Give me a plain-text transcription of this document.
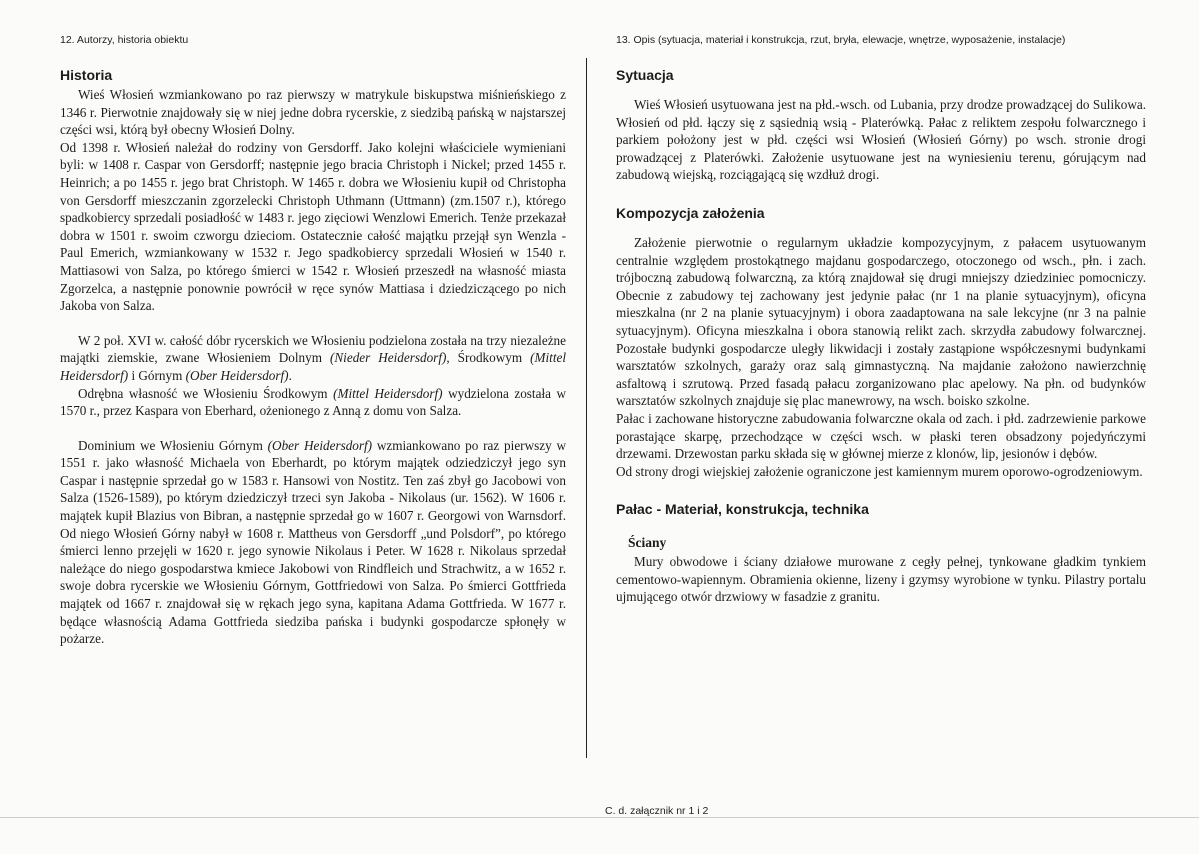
12. Autorzy, historia obiektu	13. Opis (sytuacja, materiał i konstrukcja, rzut, bryła, elewacje, wnętrze, wyposażenie, instalacje)
Historia

Wieś Włosień wzmiankowano po raz pierwszy w matrykule biskupstwa miśnieńskiego z 1346 r. Pierwotnie znajdowały się w niej jedne dobra rycerskie, z siedzibą pańską w najstarszej części wsi, którą był obecny Włosień Dolny.

Od 1398 r. Włosień należał do rodziny von Gersdorff. Jako kolejni właściciele wymieniani byli: w 1408 r. Caspar von Gersdorff; następnie jego bracia Christoph i Nickel; przed 1455 r. Heinrich; a po 1455 r. jego brat Christoph. W 1465 r. dobra we Włosieniu kupił od Christopha von Gersdorff mieszczanin zgorzelecki Christoph Uthmann (Uttmann) (zm.1507 r.), którego spadkobiercy sprzedali posiadłość w 1483 r. jego zięciowi Wenzlowi Emerich. Tenże przekazał dobra w 1501 r. swoim czworgu dzieciom. Ostatecznie całość majątku przejął syn Wenzla - Paul Emerich, wzmiankowany w 1532 r. Jego spadkobiercy sprzedali Włosień w 1540 r. Mattiasowi von Salza, po którego śmierci w 1542 r. Włosień przeszedł na własność miasta Zgorzelca, a następnie ponownie powrócił w ręce synów Mattiasa i dziedziczącego po nich Jakoba von Salza.

W 2 poł. XVI w. całość dóbr rycerskich we Włosieniu podzielona została na trzy niezależne majątki ziemskie, zwane Włosieniem Dolnym (Nieder Heidersdorf), Środkowym (Mittel Heidersdorf) i Górnym (Ober Heidersdorf).

Odrębna własność we Włosieniu Środkowym (Mittel Heidersdorf) wydzielona została w 1570 r., przez Kaspara von Eberhard, ożenionego z Anną z domu von Salza.

Dominium we Włosieniu Górnym (Ober Heidersdorf) wzmiankowano po raz pierwszy w 1551 r. jako własność Michaela von Eberhardt, po którym majątek odziedziczył jego syn Caspar i następnie sprzedał go w 1583 r. Hansowi von Nostitz. Ten zaś zbył go Jacobowi von Salza (1526-1589), po którym dziedziczył trzeci syn Jakoba - Nikolaus (ur. 1562). W 1606 r. majątek kupił Blazius von Bibran, a następnie sprzedał go w 1607 r. Georgowi von Warnsdorf. Od niego Włosień Górny nabył w 1608 r. Mattheus von Gersdorff „und Polsdorf”, po którego śmierci lenno przejęli w 1620 r. jego synowie Nikolaus i Peter. W 1628 r. Nikolaus sprzedał należące do niego gospodarstwa kmiece Jakobowi von Rindfleich und Strachwitz, a w 1652 r. swoje dobra rycerskie we Włosieniu Górnym, Gottfriedowi von Salza. Po śmierci Gottfrieda majątek od 1667 r. znajdował się w rękach jego syna, kapitana Adama Gottfrieda. W 1677 r. będące własnością Adama Gottfrieda siedziba pańska i budynki gospodarcze spłonęły w pożarze.

Sytuacja

Wieś Włosień usytuowana jest na płd.-wsch. od Lubania, przy drodze prowadzącej do Sulikowa. Włosień od płd. łączy się z sąsiednią wsią - Platerówką. Pałac z reliktem zespołu folwarcznego i parkiem położony jest w płd. części wsi Włosień (Włosień Górny) po wsch. stronie drogi prowadzącej z Platerówki. Założenie usytuowane jest na wyniesieniu terenu, górującym nad zabudową wiejską, rozciągającą się wzdłuż drogi.

Kompozycja założenia

Założenie pierwotnie o regularnym układzie kompozycyjnym, z pałacem usytuowanym centralnie względem prostokątnego majdanu gospodarczego, otoczonego od wsch., płn. i zach. trójboczną zabudową folwarczną, za którą znajdował się drugi mniejszy dziedziniec pomocniczy. Obecnie z zabudowy tej zachowany jest jedynie pałac (nr 1 na planie sytuacyjnym), oficyna mieszkalna (nr 2 na planie sytuacyjnym) i obora zaadaptowana na sale lekcyjne (nr 3 na palnie sytuacyjnym). Oficyna mieszkalna i obora stanowią relikt zach. skrzydła zabudowy folwarcznej. Pozostałe budynki gospodarcze uległy likwidacji i zostały zastąpione współczesnymi budynkami warsztatów szkolnych, garaży oraz salą gimnastyczną. Na majdanie założono nawierzchnię asfaltową i szrutową. Przed fasadą pałacu zorganizowano plac apelowy. Na płn. od budynków warsztatów szkolnych znajduje się plac manewrowy, na wsch. boisko szkolne.

Pałac i zachowane historyczne zabudowania folwarczne okala od zach. i płd. zadrzewienie parkowe porastające skarpę, przechodzące w części wsch. w płaski teren obsadzony pojedyńczymi drzewami. Drzewostan parku składa się w głównej mierze z klonów, lip, jesionów i dębów.

Od strony drogi wiejskiej założenie ograniczone jest kamiennym murem oporowo-ogrodzeniowym.

Pałac - Materiał, konstrukcja, technika
Ściany

Mury obwodowe i ściany działowe murowane z cegły pełnej, tynkowane gładkim tynkiem cementowo-wapiennym. Obramienia okienne, lizeny i gzymsy wyrobione w tynku. Pilastry portalu ujmującego otwór drzwiowy w fasadzie z granitu.

C. d. załącznik nr 1 i 2
